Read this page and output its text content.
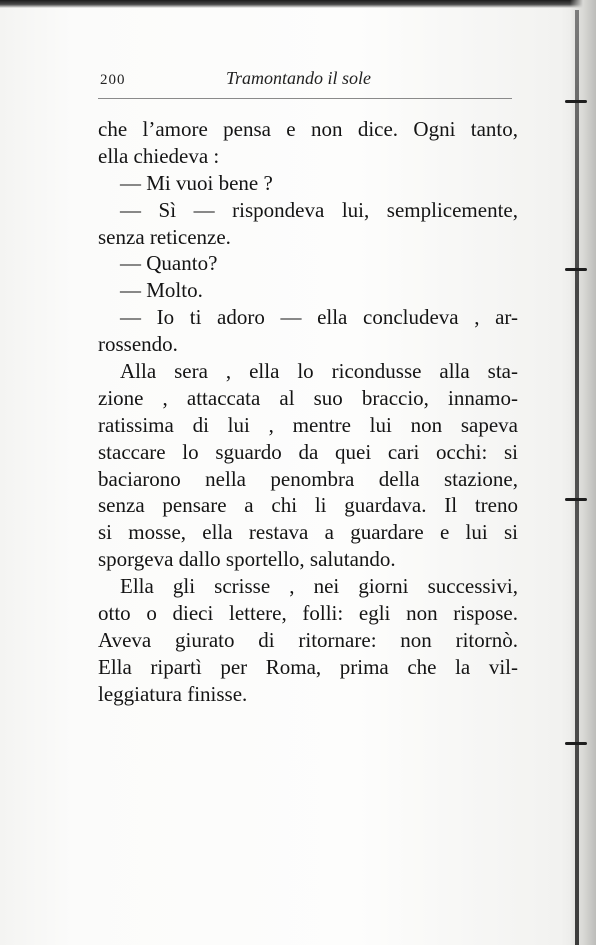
200	Tramontando il sole
che l’amore pensa e non dice. Ogni tanto,
ella chiedeva :
— Mi vuoi bene ?
— Sì — rispondeva lui, semplicemente,
senza reticenze.
— Quanto?
— Molto.
— Io ti adoro — ella concludeva , ar-
rossendo.
Alla sera , ella lo ricondusse alla sta-
zione , attaccata al suo braccio, innamo-
ratissima di lui , mentre lui non sapeva
staccare lo sguardo da quei cari occhi: si
baciarono nella penombra della stazione,
senza pensare a chi li guardava. Il treno
si mosse, ella restava a guardare e lui si
sporgeva dallo sportello, salutando.
Ella gli scrisse , nei giorni successivi,
otto o dieci lettere, folli: egli non rispose.
Aveva giurato di ritornare: non ritornò.
Ella ripartì per Roma, prima che la vil-
leggiatura finisse.
